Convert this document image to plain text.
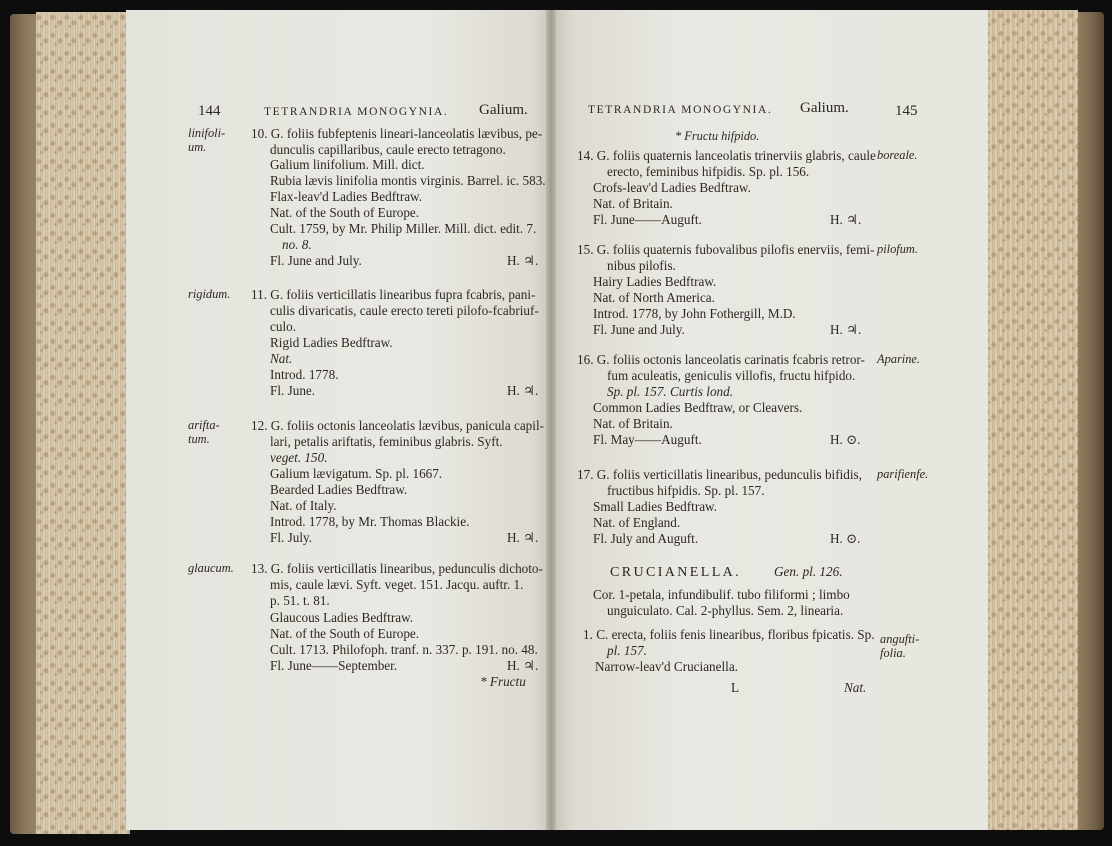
144	TETRANDRIA MONOGYNIA. Galium.
linifoli-
um.
rigidum.
arifta-
tum.
glaucum.
10. G. foliis fubfeptenis lineari-lanceolatis lævibus, pe-
dunculis capillaribus, caule erecto tetragono.
Galium linifolium. Mill. dict.
Rubia lævis linifolia montis virginis. Barrel. ic. 583.
Flax-leav'd Ladies Bedftraw.
Nat. of the South of Europe.
Cult. 1759, by Mr. Philip Miller. Mill. dict. edit. 7.
no. 8.
Fl. June and July.	H. ♃.
11. G. foliis verticillatis linearibus fupra fcabris, pani-
culis divaricatis, caule erecto tereti pilofo-fcabriuf-
culo.
Rigid Ladies Bedftraw.
Nat.
Introd. 1778.
Fl. June.	H. ♃.
12. G. foliis octonis lanceolatis lævibus, panicula capil-
lari, petalis ariftatis, feminibus glabris. Syft.
veget. 150.
Galium lævigatum. Sp. pl. 1667.
Bearded Ladies Bedftraw.
Nat. of Italy.
Introd. 1778, by Mr. Thomas Blackie.
Fl. July.	H. ♃.
13. G. foliis verticillatis linearibus, pedunculis dichoto-
mis, caule lævi. Syft. veget. 151. Jacqu. auftr. 1.
p. 51. t. 81.
Glaucous Ladies Bedftraw.
Nat. of the South of Europe.
Cult. 1713. Philofoph. tranf. n. 337. p. 191. no. 48.
Fl. June——September.	H. ♃.
* Fructu
TETRANDRIA MONOGYNIA. Galium.	145
* Fructu hifpido.
boreale.
pilofum.
Aparine.
parifienfe.
angufti-
folia.
14. G. foliis quaternis lanceolatis trinerviis glabris, caule
erecto, feminibus hifpidis. Sp. pl. 156.
Crofs-leav'd Ladies Bedftraw.
Nat. of Britain.
Fl. June——Auguft.	H. ♃.
15. G. foliis quaternis fubovalibus pilofis enerviis, femi-
nibus pilofis.
Hairy Ladies Bedftraw.
Nat. of North America.
Introd. 1778, by John Fothergill, M.D.
Fl. June and July.	H. ♃.
16. G. foliis octonis lanceolatis carinatis fcabris retror-
fum aculeatis, geniculis villofis, fructu hifpido.
Sp. pl. 157. Curtis lond.
Common Ladies Bedftraw, or Cleavers.
Nat. of Britain.
Fl. May——Auguft.	H. ⊙.
17. G. foliis verticillatis linearibus, pedunculis bifidis,
fructibus hifpidis. Sp. pl. 157.
Small Ladies Bedftraw.
Nat. of England.
Fl. July and Auguft.	H. ⊙.
CRUCIANELLA. Gen. pl. 126.
Cor. 1-petala, infundibulif. tubo filiformi ; limbo
unguiculato. Cal. 2-phyllus. Sem. 2, linearia.
1. C. erecta, foliis fenis linearibus, floribus fpicatis. Sp.
pl. 157.
Narrow-leav'd Crucianella.
L	Nat.
